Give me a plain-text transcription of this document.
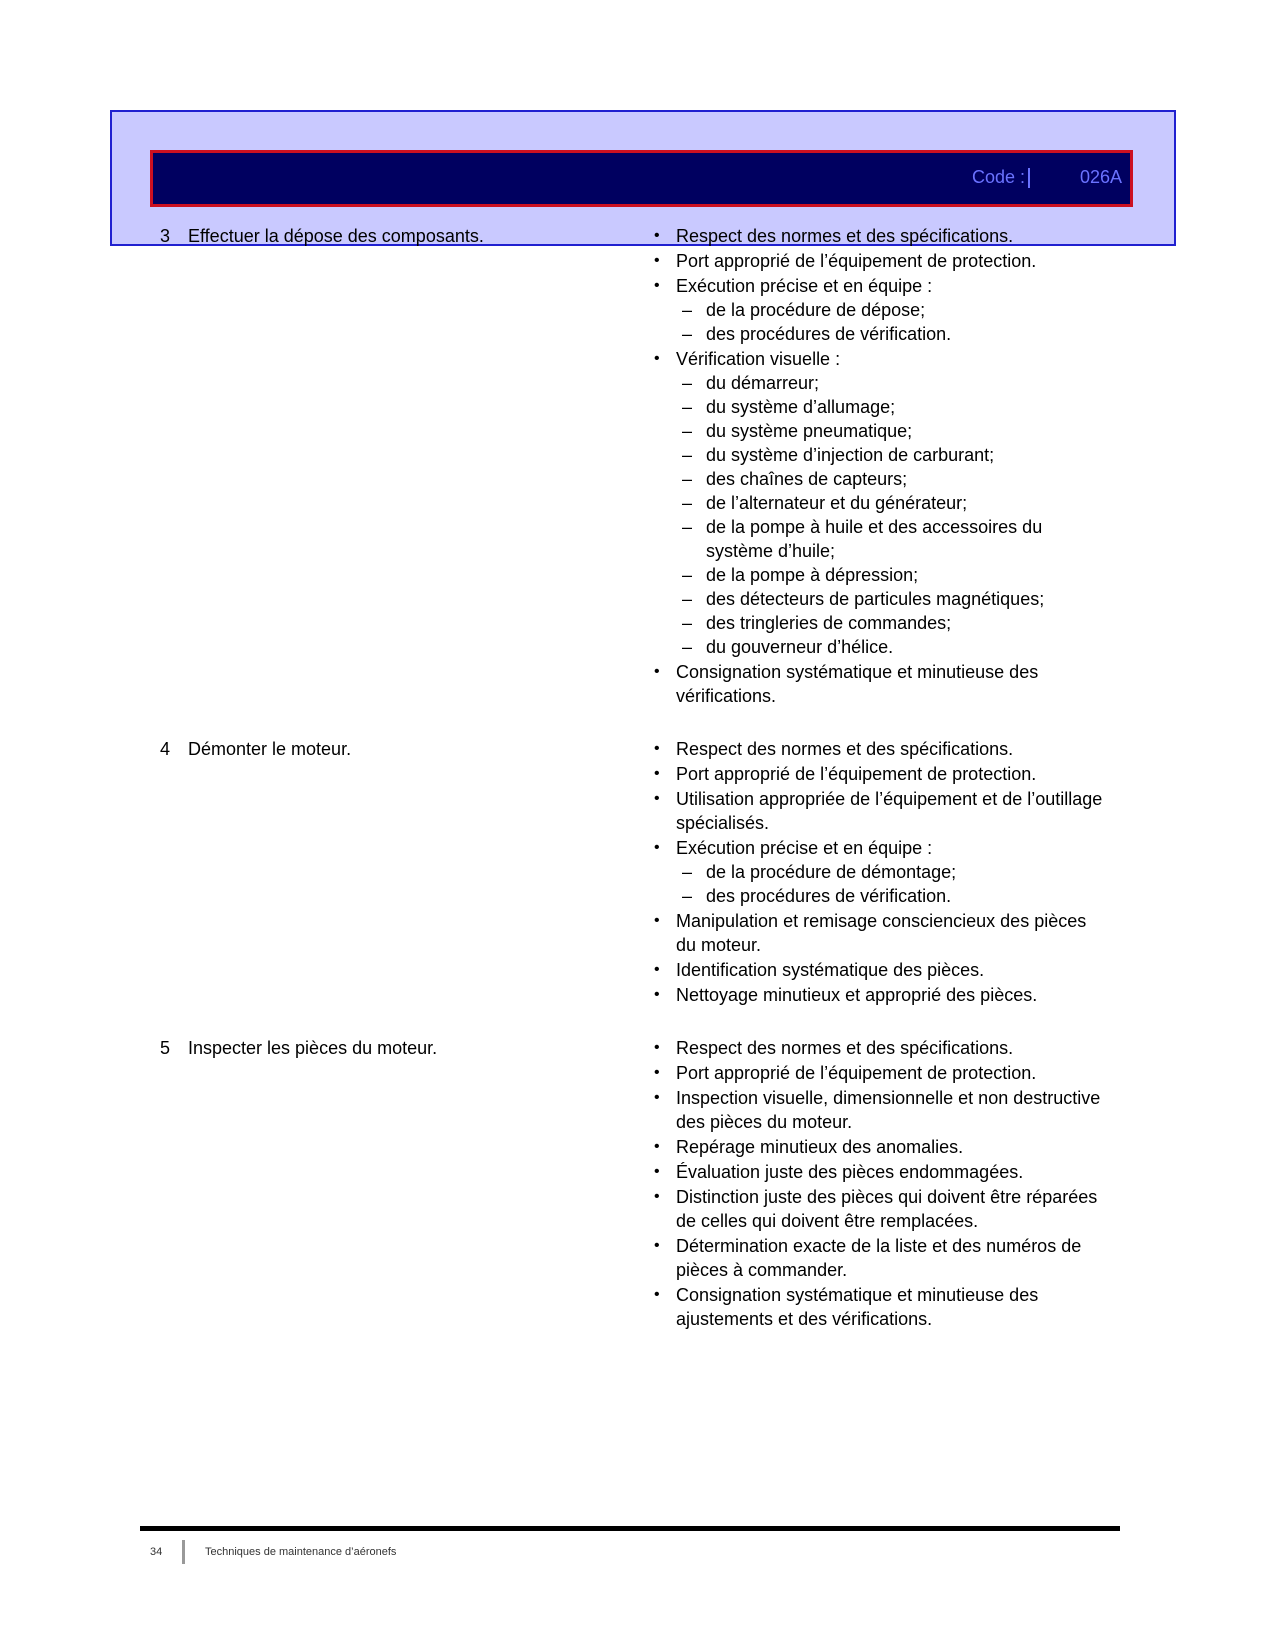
Code :	026A
3 Effectuer la dépose des composants.	• Respect des normes et des spécifications.
• Port approprié de l’équipement de protection.
• Exécution précise et en équipe :
– de la procédure de dépose;
– des procédures de vérification.
• Vérification visuelle :
– du démarreur;
– du système d’allumage;
– du système pneumatique;
– du système d’injection de carburant;
– des chaînes de capteurs;
– de l’alternateur et du générateur;
– de la pompe à huile et des accessoires du système d’huile;
– de la pompe à dépression;
– des détecteurs de particules magnétiques;
– des tringleries de commandes;
– du gouverneur d’hélice.
• Consignation systématique et minutieuse des vérifications.
4 Démonter le moteur.	• Respect des normes et des spécifications.
• Port approprié de l’équipement de protection.
• Utilisation appropriée de l’équipement et de l’outillage spécialisés.
• Exécution précise et en équipe :
– de la procédure de démontage;
– des procédures de vérification.
• Manipulation et remisage consciencieux des pièces du moteur.
• Identification systématique des pièces.
• Nettoyage minutieux et approprié des pièces.
5 Inspecter les pièces du moteur.	• Respect des normes et des spécifications.
• Port approprié de l’équipement de protection.
• Inspection visuelle, dimensionnelle et non destructive des pièces du moteur.
• Repérage minutieux des anomalies.
• Évaluation juste des pièces endommagées.
• Distinction juste des pièces qui doivent être réparées de celles qui doivent être remplacées.
• Détermination exacte de la liste et des numéros de pièces à commander.
• Consignation systématique et minutieuse des ajustements et des vérifications.
34	Techniques de maintenance d’aéronefs
